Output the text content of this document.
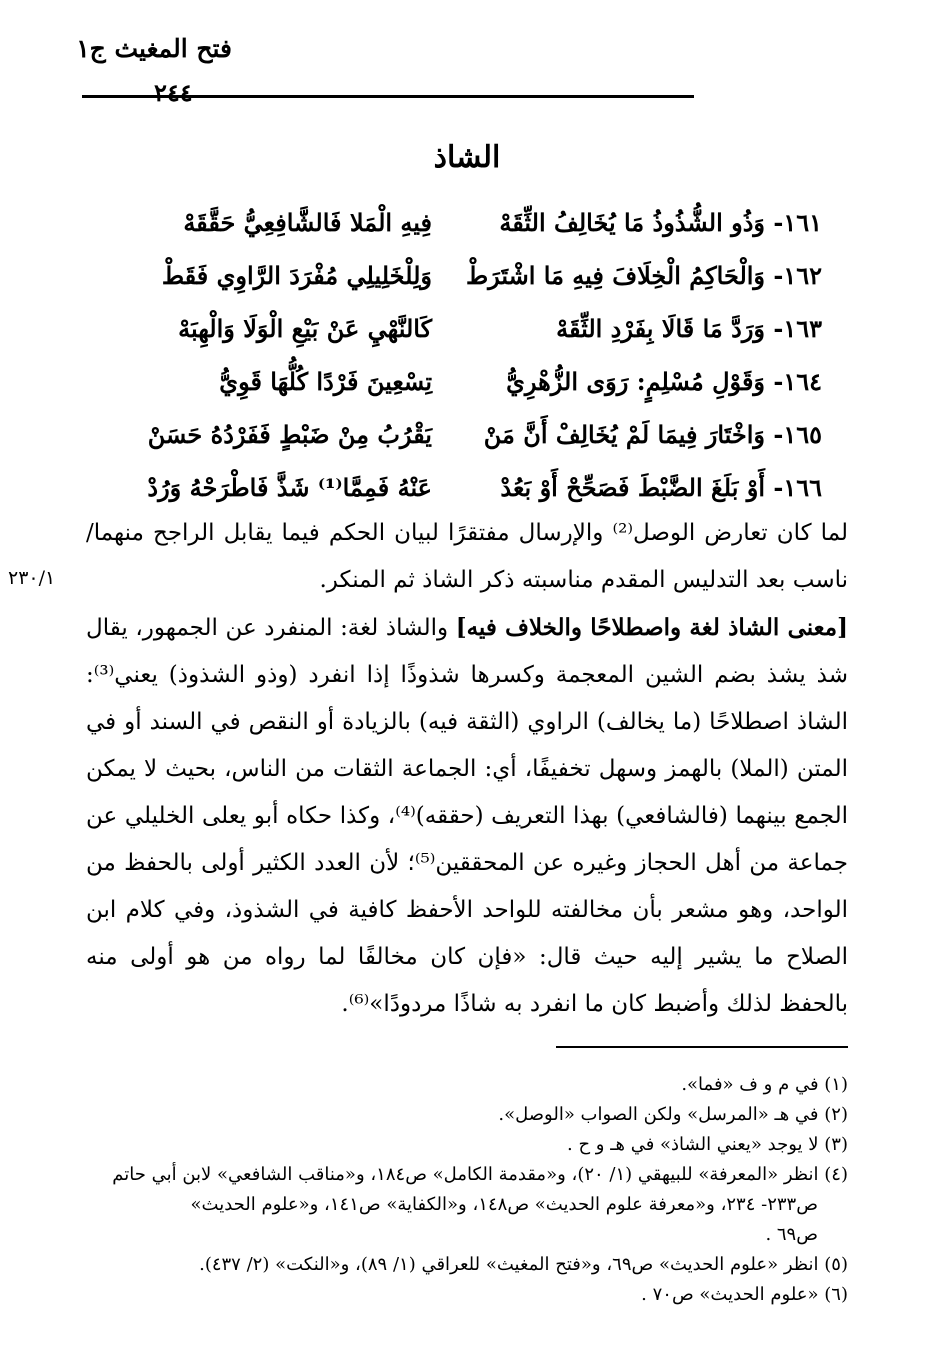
فتح المغيث ج١
٢٤٤
الشاذ
١٦١- وَذُو الشُّذُوذُ مَا يُخَالِفُ الثِّقَهْ
فِيهِ الْمَلا فَالشَّافِعِيُّ حَقَّقَهْ
١٦٢- وَالْحَاكِمُ الْخِلَافَ فِيهِ مَا اشْتَرَطْ
وَلِلْخَلِيلِي مُفْرَدَ الرَّاوِي فَقَطْ
١٦٣- وَرَدَّ مَا قَالَا بِفَرْدِ الثِّقَهْ
كَالنَّهْيِ عَنْ بَيْعِ الْوَلَا وَالْهِبَهْ
١٦٤- وَقَوْلِ مُسْلِمٍ: رَوَى الزُّهْرِيُّ
تِسْعِينَ فَرْدًا كُلُّهَا قَوِيُّ
١٦٥- وَاخْتَارَ فِيمَا لَمْ يُخَالِفْ أَنَّ مَنْ
يَقْرُبُ مِنْ ضَبْطٍ فَفَرْدُهُ حَسَنْ
١٦٦- أَوْ بَلَغَ الضَّبْطَ فَصَحِّحْ أَوْ بَعُدْ
عَنْهُ فَمِمَّا⁽¹⁾ شَذَّ فَاطْرَحْهُ وَرُدْ
٢٣٠/١

لما كان تعارض الوصل⁽²⁾ والإرسال مفتقرًا لبيان الحكم فيما يقابل الراجح منهما/ ناسب بعد التدليس المقدم مناسبته ذكر الشاذ ثم المنكر.

[معنى الشاذ لغة واصطلاحًا والخلاف فيه] والشاذ لغة: المنفرد عن الجمهور، يقال شذ يشذ بضم الشين المعجمة وكسرها شذوذًا إذا انفرد (وذو الشذوذ) يعني⁽³⁾: الشاذ اصطلاحًا (ما يخالف) الراوي (الثقة فيه) بالزيادة أو النقص في السند أو في المتن (الملا) بالهمز وسهل تخفيفًا، أي: الجماعة الثقات من الناس، بحيث لا يمكن الجمع بينهما (فالشافعي) بهذا التعريف (حققه)⁽⁴⁾، وكذا حكاه أبو يعلى الخليلي عن جماعة من أهل الحجاز وغيره عن المحققين⁽⁵⁾؛ لأن العدد الكثير أولى بالحفظ من الواحد، وهو مشعر بأن مخالفته للواحد الأحفظ كافية في الشذوذ، وفي كلام ابن الصلاح ما يشير إليه حيث قال: «فإن كان مخالفًا لما رواه من هو أولى منه بالحفظ لذلك وأضبط كان ما انفرد به شاذًا مردودًا»⁽⁶⁾.

(١) في م و ف «فما».

(٢) في هـ «المرسل» ولكن الصواب «الوصل».

(٣) لا يوجد «يعني الشاذ» في هـ و ح .

(٤) انظر «المعرفة» للبيهقي (١/ ٢٠)، و«مقدمة الكامل» ص١٨٤، و«مناقب الشافعي» لابن أبي حاتم

ص٢٣٣- ٢٣٤، و«معرفة علوم الحديث» ص١٤٨، و«الكفاية» ص١٤١، و«علوم الحديث»

ص٦٩ .

(٥) انظر «علوم الحديث» ص٦٩، و«فتح المغيث» للعراقي (١/ ٨٩)، و«النكت» (٢/ ٤٣٧).

(٦) «علوم الحديث» ص٧٠ .
